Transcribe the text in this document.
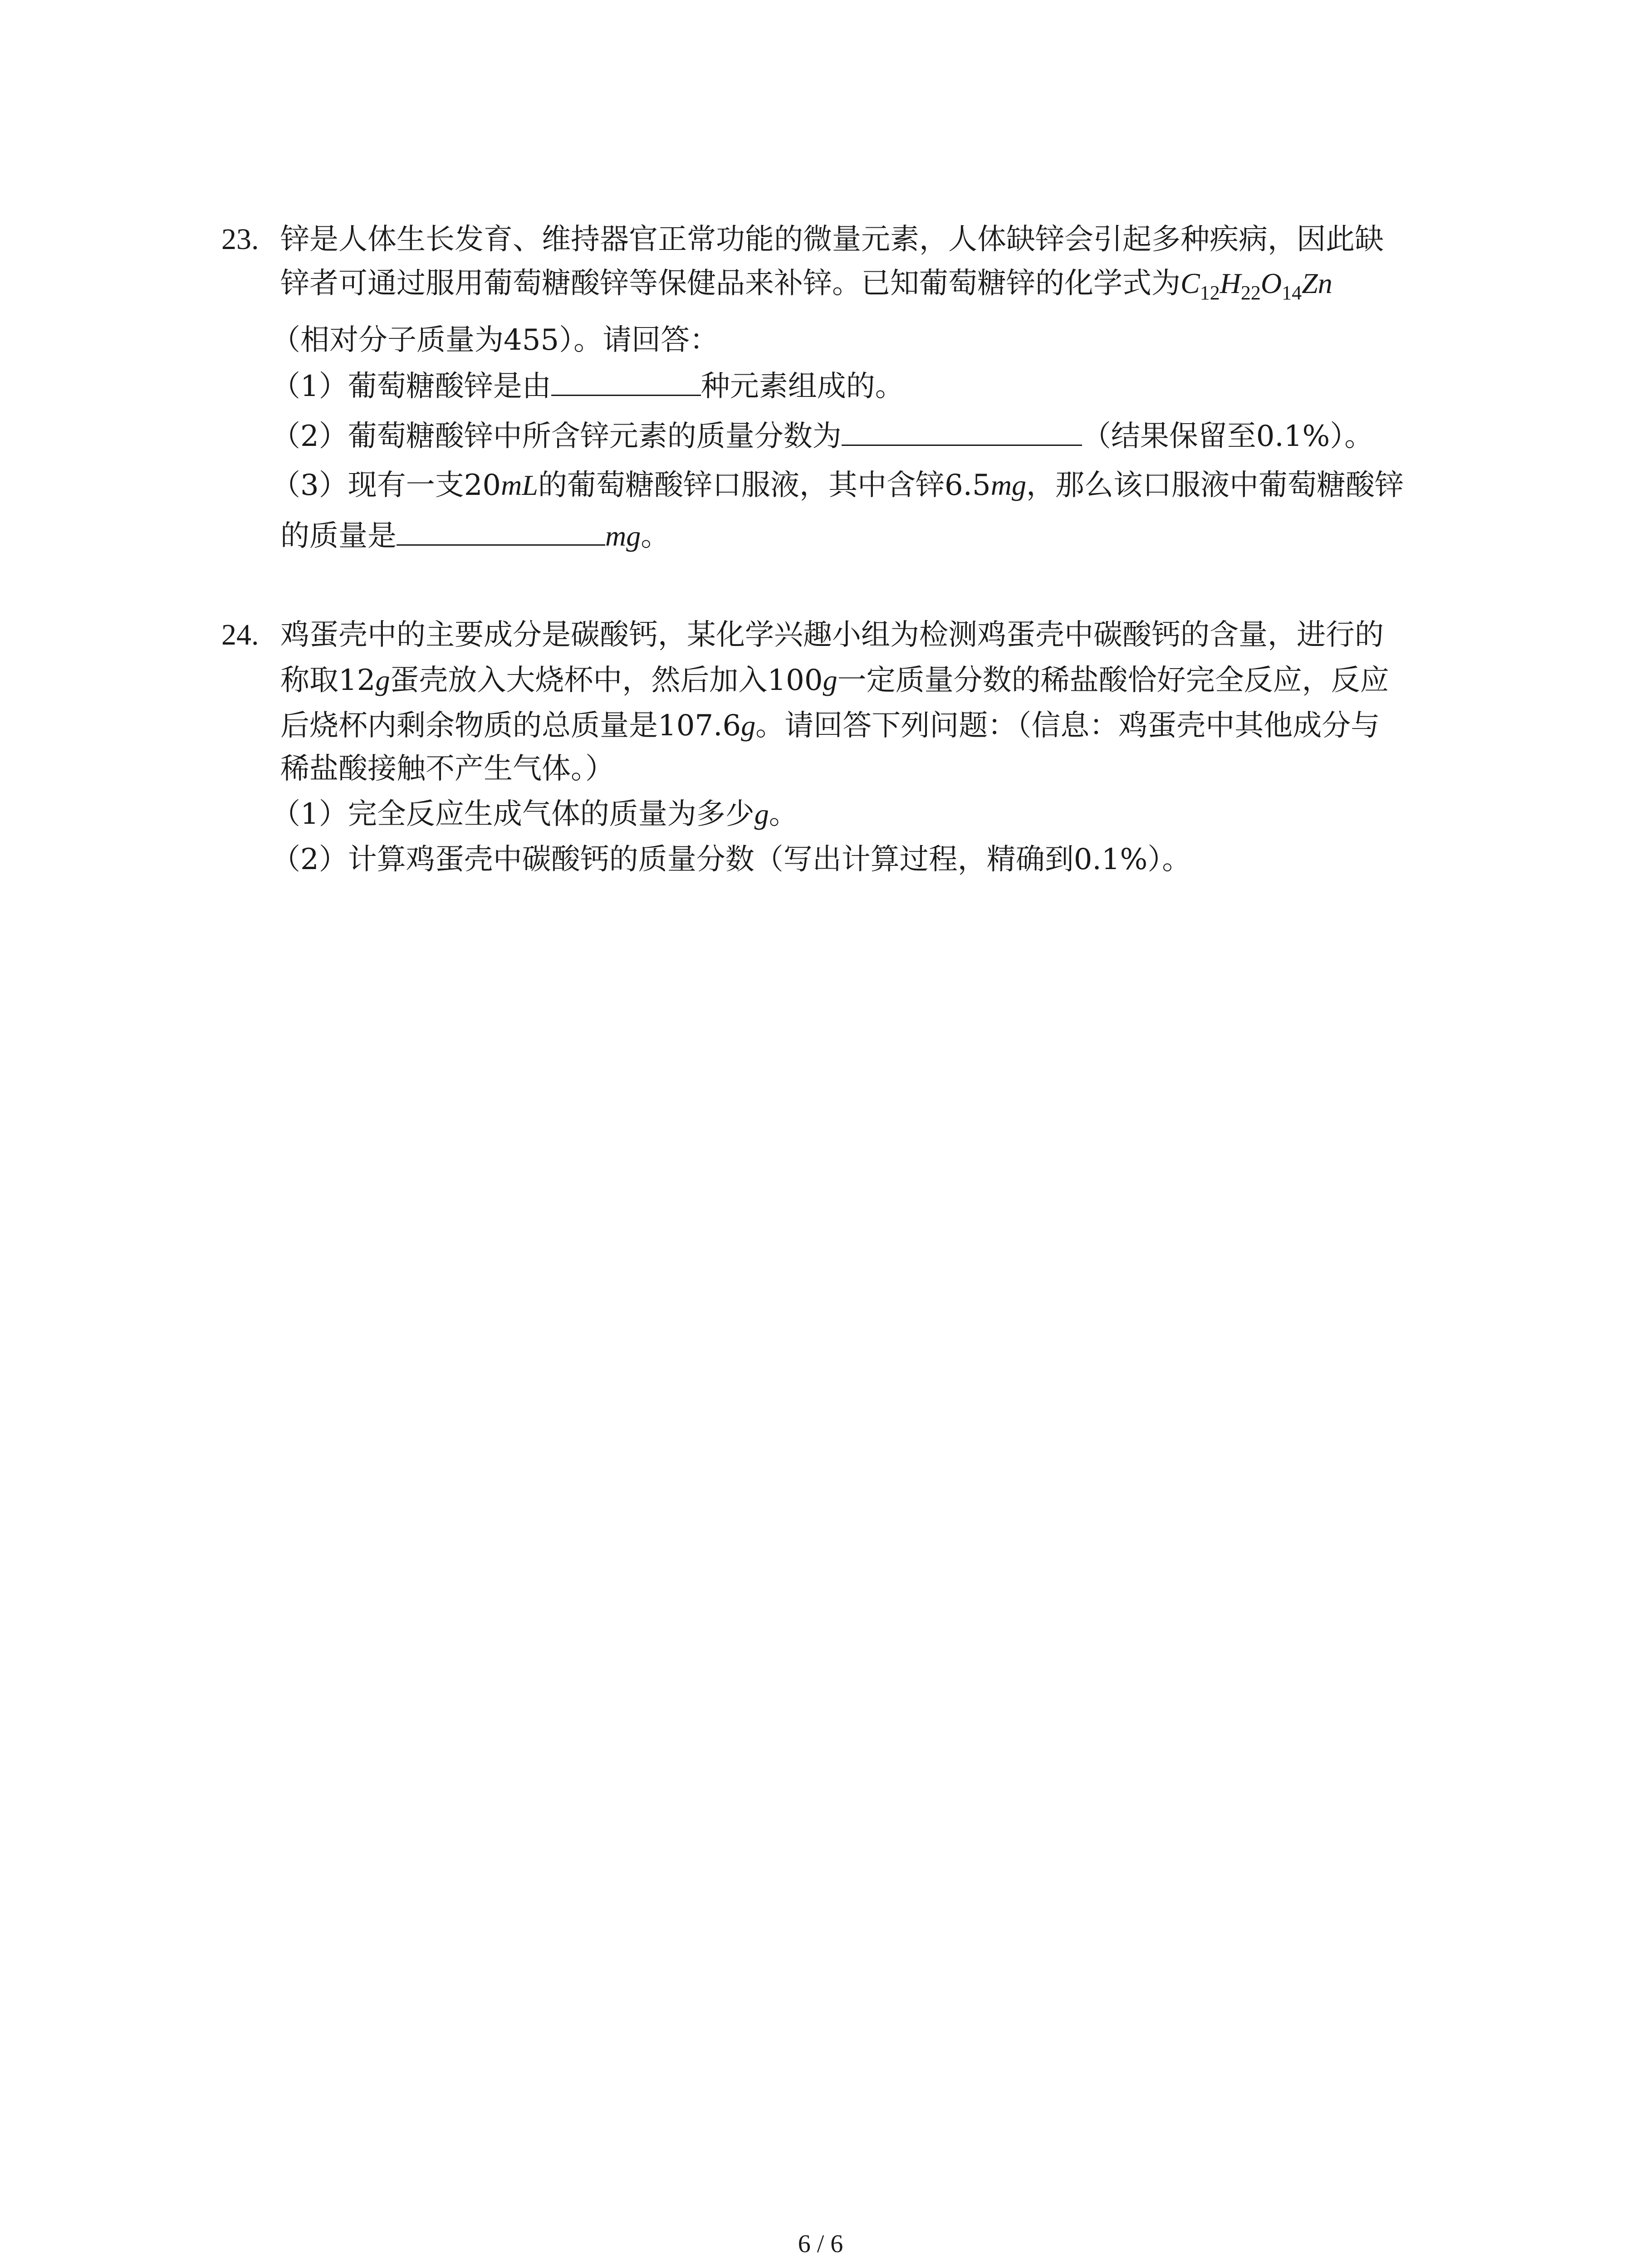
23. 锌是人体生长发育、维持器官正常功能的微量元素，人体缺锌会引起多种疾病，因此缺
锌者可通过服用葡萄糖酸锌等保健品来补锌。已知葡萄糖锌的化学式为$C_{12}H_{22}O_{14}Zn$
（相对分子质量为455）。请回答：
（1）葡萄糖酸锌是由	种元素组成的。
（2）葡萄糖酸锌中所含锌元素的质量分数为	（结果保留至0.1%）。
（3）现有一支20mL的葡萄糖酸锌口服液，其中含锌6.5mg，那么该口服液中葡萄糖酸锌
的质量是	mg。
24. 鸡蛋壳中的主要成分是碳酸钙，某化学兴趣小组为检测鸡蛋壳中碳酸钙的含量，进行的
称取12g蛋壳放入大烧杯中，然后加入100g一定质量分数的稀盐酸恰好完全反应，反应
后烧杯内剩余物质的总质量是107.6g。请回答下列问题：（信息：鸡蛋壳中其他成分与
稀盐酸接触不产生气体。）
（1）完全反应生成气体的质量为多少g。
（2）计算鸡蛋壳中碳酸钙的质量分数（写出计算过程，精确到0.1%）。
6 / 6
